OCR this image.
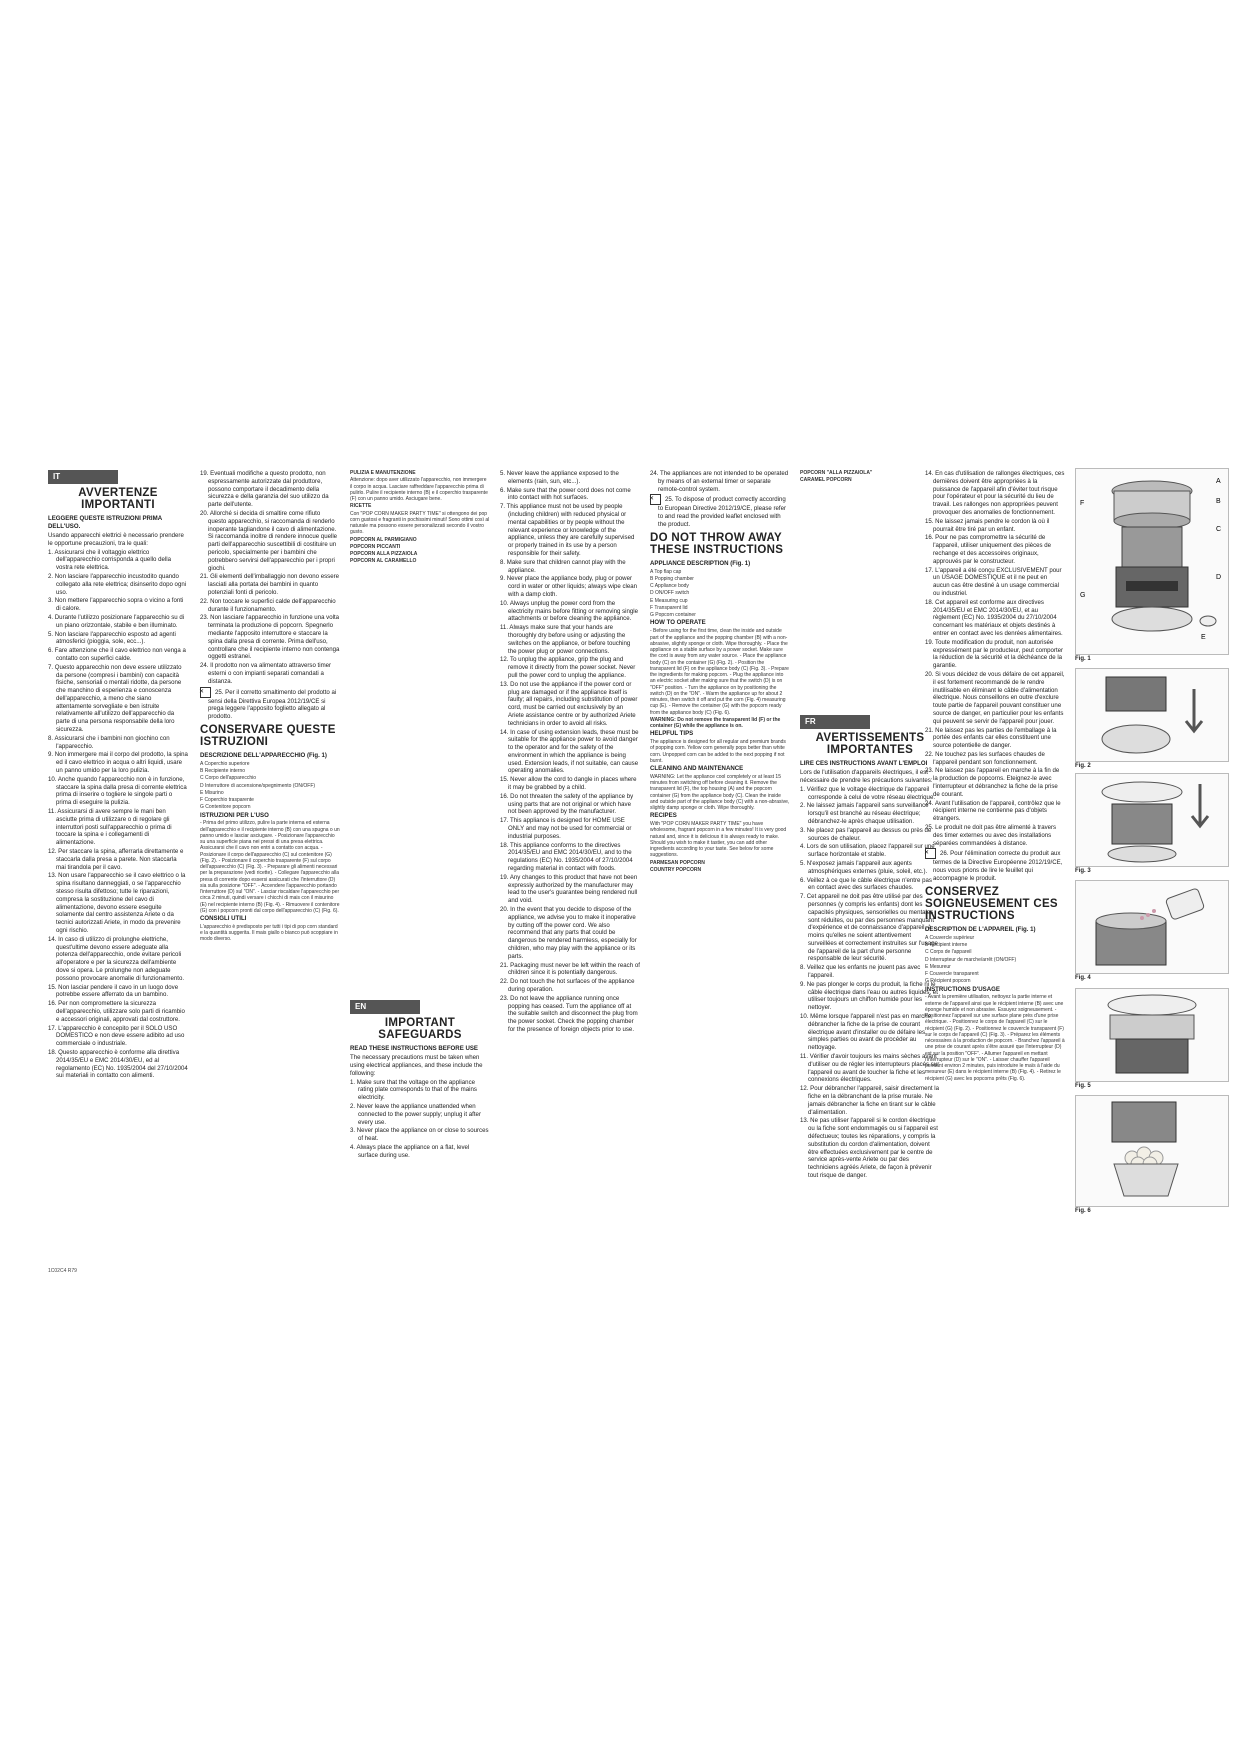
IT
AVVERTENZE IMPORTANTI

LEGGERE QUESTE ISTRUZIONI PRIMA DELL'USO.

Usando apparecchi elettrici è necessario prendere le opportune precauzioni, tra le quali:

1. Assicurarsi che il voltaggio elettrico dell'apparecchio corrisponda a quello della vostra rete elettrica.

2. Non lasciare l'apparecchio incustodito quando collegato alla rete elettrica; disinserito dopo ogni uso.

3. Non mettere l'apparecchio sopra o vicino a fonti di calore.

4. Durante l'utilizzo posizionare l'apparecchio su di un piano orizzontale, stabile e ben illuminato.

5. Non lasciare l'apparecchio esposto ad agenti atmosferici (pioggia, sole, ecc...).

6. Fare attenzione che il cavo elettrico non venga a contatto con superfici calde.

7. Questo apparecchio non deve essere utilizzato da persone (compresi i bambini) con capacità fisiche, sensoriali o mentali ridotte, da persone che manchino di esperienza e conoscenza dell'apparecchio, a meno che siano attentamente sorvegliate e ben istruite relativamente all'utilizzo dell'apparecchio da parte di una persona responsabile della loro sicurezza.

8. Assicurarsi che i bambini non giochino con l'apparecchio.

9. Non immergere mai il corpo del prodotto, la spina ed il cavo elettrico in acqua o altri liquidi, usare un panno umido per la loro pulizia.

10. Anche quando l'apparecchio non è in funzione, staccare la spina dalla presa di corrente elettrica prima di inserire o togliere le singole parti o prima di eseguire la pulizia.

11. Assicurarsi di avere sempre le mani ben asciutte prima di utilizzare o di regolare gli interruttori posti sull'apparecchio o prima di toccare la spina e i collegamenti di alimentazione.

12. Per staccare la spina, afferrarla direttamente e staccarla dalla presa a parete. Non staccarla mai tirandola per il cavo.

13. Non usare l'apparecchio se il cavo elettrico o la spina risultano danneggiati, o se l'apparecchio stesso risulta difettoso; tutte le riparazioni, compresa la sostituzione del cavo di alimentazione, devono essere eseguite solamente dal centro assistenza Ariete o da tecnici autorizzati Ariete, in modo da prevenire ogni rischio.

14. In caso di utilizzo di prolunghe elettriche, quest'ultime devono essere adeguate alla potenza dell'apparecchio, onde evitare pericoli all'operatore e per la sicurezza dell'ambiente dove si opera. Le prolunghe non adeguate possono provocare anomalie di funzionamento.

15. Non lasciar pendere il cavo in un luogo dove potrebbe essere afferrato da un bambino.

16. Per non compromettere la sicurezza dell'apparecchio, utilizzare solo parti di ricambio e accessori originali, approvati dal costruttore.

17. L'apparecchio è concepito per il SOLO USO DOMESTICO e non deve essere adibito ad uso commerciale o industriale.

18. Questo apparecchio è conforme alla direttiva 2014/35/EU e EMC 2014/30/EU, ed al regolamento (EC) No. 1935/2004 del 27/10/2004 sui materiali in contatto con alimenti.

19. Eventuali modifiche a questo prodotto, non espressamente autorizzate dal produttore, possono comportare il decadimento della sicurezza e della garanzia del suo utilizzo da parte dell'utente.

20. Allorché si decida di smaltire come rifiuto questo apparecchio, si raccomanda di renderlo inoperante tagliandone il cavo di alimentazione. Si raccomanda inoltre di rendere innocue quelle parti dell'apparecchio suscettibili di costituire un pericolo, specialmente per i bambini che potrebbero servirsi dell'apparecchio per i propri giochi.

21. Gli elementi dell'imballaggio non devono essere lasciati alla portata dei bambini in quanto potenziali fonti di pericolo.

22. Non toccare le superfici calde dell'apparecchio durante il funzionamento.

23. Non lasciare l'apparecchio in funzione una volta terminata la produzione di popcorn. Spegnerlo mediante l'apposito interruttore e staccare la spina dalla presa di corrente. Prima dell'uso, controllare che il recipiente interno non contenga oggetti estranei.

24. Il prodotto non va alimentato attraverso timer esterni o con impianti separati comandati a distanza.

✕ 25. Per il corretto smaltimento del prodotto ai sensi della Direttiva Europea 2012/19/CE si prega leggere l'apposito foglietto allegato al prodotto.

CONSERVARE QUESTE ISTRUZIONI

DESCRIZIONE DELL'APPARECCHIO (Fig. 1)

A Coperchio superiore

B Recipiente interno

C Corpo dell'apparecchio

D Interruttore di accensione/spegnimento (ON/OFF)

E Misurino

F Coperchio trasparente

G Contenitore popcorn

ISTRUZIONI PER L'USO

- Prima del primo utilizzo, pulire la parte interna ed esterna dell'apparecchio e il recipiente interno (B) con una spugna o un panno umido e lasciar asciugare. - Posizionare l'apparecchio su una superficie piana nei pressi di una presa elettrica. Assicurarsi che il cavo non entri a contatto con acqua. - Posizionare il corpo dell'apparecchio (C) sul contenitore (G) (Fig. 2). - Posizionare il coperchio trasparente (F) sul corpo dell'apparecchio (C) (Fig. 3). - Preparare gli alimenti necessari per la preparazione (vedi ricette). - Collegare l'apparecchio alla presa di corrente dopo essersi assicurati che l'interruttore (D) sia sulla posizione "OFF". - Accendere l'apparecchio portando l'interruttore (D) sul "ON". - Lasciar riscaldare l'apparecchio per circa 2 minuti, quindi versare i chicchi di mais con il misurino (E) nel recipiente interno (B) (Fig. 4). - Rimuovere il contenitore (G) con i popcorn pronti dal corpo dell'apparecchio (C) (Fig. 6).

CONSIGLI UTILI

L'apparecchio è predisposto per tutti i tipi di pop corn standard e la quantità suggerita. Il mais giallo o bianco può scoppiare in modo diverso.

PULIZIA E MANUTENZIONE

Attenzione: dopo aver utilizzato l'apparecchio, non immergere il corpo in acqua. Lasciare raffreddare l'apparecchio prima di pulirlo. Pulire il recipiente interno (B) e il coperchio trasparente (F) con un panno umido. Asciugare bene.

RICETTE

Con "POP CORN MAKER PARTY TIME" si ottengono dei pop corn gustosi e fragranti in pochissimi minuti! Sono ottimi così al naturale ma possono essere personalizzati secondo il vostro gusto.

POPCORN AL PARMIGIANO

POPCORN PICCANTI

POPCORN ALLA PIZZAIOLA

POPCORN AL CARAMELLO

EN
IMPORTANT SAFEGUARDS

READ THESE INSTRUCTIONS BEFORE USE

The necessary precautions must be taken when using electrical appliances, and these include the following:

1. Make sure that the voltage on the appliance rating plate corresponds to that of the mains electricity.

2. Never leave the appliance unattended when connected to the power supply; unplug it after every use.

3. Never place the appliance on or close to sources of heat.

4. Always place the appliance on a flat, level surface during use.

5. Never leave the appliance exposed to the elements (rain, sun, etc...).

6. Make sure that the power cord does not come into contact with hot surfaces.

7. This appliance must not be used by people (including children) with reduced physical or mental capabilities or by people without the relevant experience or knowledge of the appliance, unless they are carefully supervised or properly trained in its use by a person responsible for their safety.

8. Make sure that children cannot play with the appliance.

9. Never place the appliance body, plug or power cord in water or other liquids; always wipe clean with a damp cloth.

10. Always unplug the power cord from the electricity mains before fitting or removing single attachments or before cleaning the appliance.

11. Always make sure that your hands are thoroughly dry before using or adjusting the switches on the appliance, or before touching the power plug or power connections.

12. To unplug the appliance, grip the plug and remove it directly from the power socket. Never pull the power cord to unplug the appliance.

13. Do not use the appliance if the power cord or plug are damaged or if the appliance itself is faulty; all repairs, including substitution of power cord, must be carried out exclusively by an Ariete assistance centre or by authorized Ariete technicians in order to avoid all risks.

14. In case of using extension leads, these must be suitable for the appliance power to avoid danger to the operator and for the safety of the environment in which the appliance is being used. Extension leads, if not suitable, can cause operating anomalies.

15. Never allow the cord to dangle in places where it may be grabbed by a child.

16. Do not threaten the safety of the appliance by using parts that are not original or which have not been approved by the manufacturer.

17. This appliance is designed for HOME USE ONLY and may not be used for commercial or industrial purposes.

18. This appliance conforms to the directives 2014/35/EU and EMC 2014/30/EU, and to the regulations (EC) No. 1935/2004 of 27/10/2004 regarding material in contact with foods.

19. Any changes to this product that have not been expressly authorized by the manufacturer may lead to the user's guarantee being rendered null and void.

20. In the event that you decide to dispose of the appliance, we advise you to make it inoperative by cutting off the power cord. We also recommend that any parts that could be dangerous be rendered harmless, especially for children, who may play with the appliance or its parts.

21. Packaging must never be left within the reach of children since it is potentially dangerous.

22. Do not touch the hot surfaces of the appliance during operation.

23. Do not leave the appliance running once popping has ceased. Turn the appliance off at the suitable switch and disconnect the plug from the power socket. Check the popping chamber for the presence of foreign objects prior to use.

24. The appliances are not intended to be operated by means of an external timer or separate remote-control system.

✕ 25. To dispose of product correctly according to European Directive 2012/19/CE, please refer to and read the provided leaflet enclosed with the product.

DO NOT THROW AWAY THESE INSTRUCTIONS

APPLIANCE DESCRIPTION (Fig. 1)

A Top flap cap

B Popping chamber

C Appliance body

D ON/OFF switch

E Measuring cup

F Transparent lid

G Popcorn container

HOW TO OPERATE

- Before using for the first time, clean the inside and outside part of the appliance and the popping chamber (B) with a non-abrasive, slightly sponge or cloth. Wipe thoroughly. - Place the appliance on a stable surface by a power socket. Make sure the cord is away from any water source. - Place the appliance body (C) on the container (G) (Fig. 2). - Position the transparent lid (F) on the appliance body (C) (Fig. 3). - Prepare the ingredients for making popcorn. - Plug the appliance into an electric socket after making sure that the switch (D) is on "OFF" position. - Turn the appliance on by positioning the switch (D) on the "ON". - Warm the appliance up for about 2 minutes, then switch it off and put the corn (Fig. 4) measuring cup (E). - Remove the container (G) with the popcorn ready from the appliance body (C) (Fig. 6).

WARNING: Do not remove the transparent lid (F) or the container (G) while the appliance is on.

HELPFUL TIPS

The appliance is designed for all regular and premium brands of popping corn. Yellow corn generally pops better than white corn. Unpopped corn can be added to the next popping if not burnt.

CLEANING AND MAINTENANCE

WARNING: Let the appliance cool completely or at least 15 minutes from switching off before cleaning it. Remove the transparent lid (F), the top housing (A) and the popcorn container (G) from the appliance body (C). Clean the inside and outside part of the appliance body (C) with a non-abrasive, slightly damp sponge or cloth. Wipe thoroughly.

RECIPES

With "POP CORN MAKER PARTY TIME" you have wholesome, fragrant popcorn in a few minutes! It is very good natural and, since it is delicious it is always ready to make. Should you wish to make it tastier, you can add other ingredients according to your taste. See below for some suggestions.

PARMESAN POPCORN

COUNTRY POPCORN

POPCORN "ALLA PIZZAIOLA"

CARAMEL POPCORN

FR
AVERTISSEMENTS IMPORTANTES

LIRE CES INSTRUCTIONS AVANT L'EMPLOI

Lors de l'utilisation d'appareils électriques, il est nécessaire de prendre les précautions suivantes:

1. Vérifiez que le voltage électrique de l'appareil corresponde à celui de votre réseau électrique.

2. Ne laissez jamais l'appareil sans surveillance lorsqu'il est branché au réseau électrique; débranchez-le après chaque utilisation.

3. Ne placez pas l'appareil au dessus ou près de sources de chaleur.

4. Lors de son utilisation, placez l'appareil sur une surface horizontale et stable.

5. N'exposez jamais l'appareil aux agents atmosphériques externes (pluie, soleil, etc.).

6. Veillez à ce que le câble électrique n'entre pas en contact avec des surfaces chaudes.

7. Cet appareil ne doit pas être utilisé par des personnes (y compris les enfants) dont les capacités physiques, sensorielles ou mentales sont réduites, ou par des personnes manquant d'expérience et de connaissance d'appareil, à moins qu'elles ne soient attentivement surveillées et correctement instruites sur l'usage de l'appareil de la part d'une personne responsable de leur sécurité.

8. Veillez que les enfants ne jouent pas avec l'appareil.

9. Ne pas plonger le corps du produit, la fiche ni le câble électrique dans l'eau ou autres liquides, et utiliser toujours un chiffon humide pour les nettoyer.

10. Même lorsque l'appareil n'est pas en marche, débrancher la fiche de la prise de courant électrique avant d'installer ou de défaire les simples parties ou avant de procéder au nettoyage.

11. Vérifier d'avoir toujours les mains sèches avant d'utiliser ou de régler les interrupteurs placés sur l'appareil ou avant de toucher la fiche et les connexions électriques.

12. Pour débrancher l'appareil, saisir directement la fiche en la débranchant de la prise murale. Ne jamais débrancher la fiche en tirant sur le câble d'alimentation.

13. Ne pas utiliser l'appareil si le cordon électrique ou la fiche sont endommagés ou si l'appareil est défectueux; toutes les réparations, y compris la substitution du cordon d'alimentation, doivent être effectuées exclusivement par le centre de service après-vente Ariete ou par des techniciens agréés Ariete, de façon à prévenir tout risque de danger.

14. En cas d'utilisation de rallonges électriques, ces dernières doivent être appropriées à la puissance de l'appareil afin d'éviter tout risque pour l'opérateur et pour la sécurité du lieu de travail. Les rallonges non appropriées peuvent provoquer des anomalies de fonctionnement.

15. Ne laissez jamais pendre le cordon là où il pourrait être tiré par un enfant.

16. Pour ne pas compromettre la sécurité de l'appareil, utiliser uniquement des pièces de rechange et des accessoires originaux, approuvés par le constructeur.

17. L'appareil a été conçu EXCLUSIVEMENT pour un USAGE DOMESTIQUE et il ne peut en aucun cas être destiné à un usage commercial ou industriel.

18. Cet appareil est conforme aux directives 2014/35/EU et EMC 2014/30/EU, et au règlement (EC) No. 1935/2004 du 27/10/2004 concernant les matériaux et objets destinés à entrer en contact avec les denrées alimentaires.

19. Toute modification du produit, non autorisée expressément par le producteur, peut comporter la réduction de la sécurité et la déchéance de la garantie.

20. Si vous décidez de vous défaire de cet appareil, il est fortement recommandé de le rendre inutilisable en éliminant le câble d'alimentation électrique. Nous conseillons en outre d'exclure toute partie de l'appareil pouvant constituer une source de danger, en particulier pour les enfants qui peuvent se servir de l'appareil pour jouer.

21. Ne laissez pas les parties de l'emballage à la portée des enfants car elles constituent une source potentielle de danger.

22. Ne touchez pas les surfaces chaudes de l'appareil pendant son fonctionnement.

23. Ne laissez pas l'appareil en marche à la fin de la production de popcorns. Eteignez-le avec l'interrupteur et débranchez la fiche de la prise de courant.

24. Avant l'utilisation de l'appareil, contrôlez que le récipient interne ne contienne pas d'objets étrangers.

25. Le produit ne doit pas être alimenté à travers des timer externes ou avec des installations séparées commandées à distance.

✕ 26. Pour l'élimination correcte du produit aux termes de la Directive Européenne 2012/19/CE, nous vous prions de lire le feuillet qui accompagne le produit.

CONSERVEZ SOIGNEUSEMENT CES INSTRUCTIONS

DESCRIPTION DE L'APPAREIL (Fig. 1)

A Couvercle supérieur

B Récipient interne

C Corps de l'appareil

D Interrupteur de marche/arrêt (ON/OFF)

E Mesureur

F Couvercle transparent

G Récipient popcorn

INSTRUCTIONS D'USAGE

- Avant la première utilisation, nettoyez la partie interne et externe de l'appareil ainsi que le récipient interne (B) avec une éponge humide et non abrasive. Essuyez soigneusement. - Positionnez l'appareil sur une surface plane près d'une prise électrique. - Positionnez le corps de l'appareil (C) sur le récipient (G) (Fig. 2). - Positionnez le couvercle transparent (F) sur le corps de l'appareil (C) (Fig. 3). - Préparez les éléments nécessaires à la production de popcorn. - Branchez l'appareil à une prise de courant après s'être assuré que l'interrupteur (D) est sur la position "OFF". - Allumer l'appareil en mettant l'interrupteur (D) sur le "ON". - Laisser chauffer l'appareil pendant environ 2 minutes, puis introduire le maïs à l'aide du mesureur (E) dans le récipient interne (B) (Fig. 4). - Retirez le récipient (G) avec les popcorns prêts (Fig. 6).

A
B
C
D
E
F
G
Fig. 1
Fig. 2
Fig. 3
Fig. 4
Fig. 5
Fig. 6
1C02C4 R79
